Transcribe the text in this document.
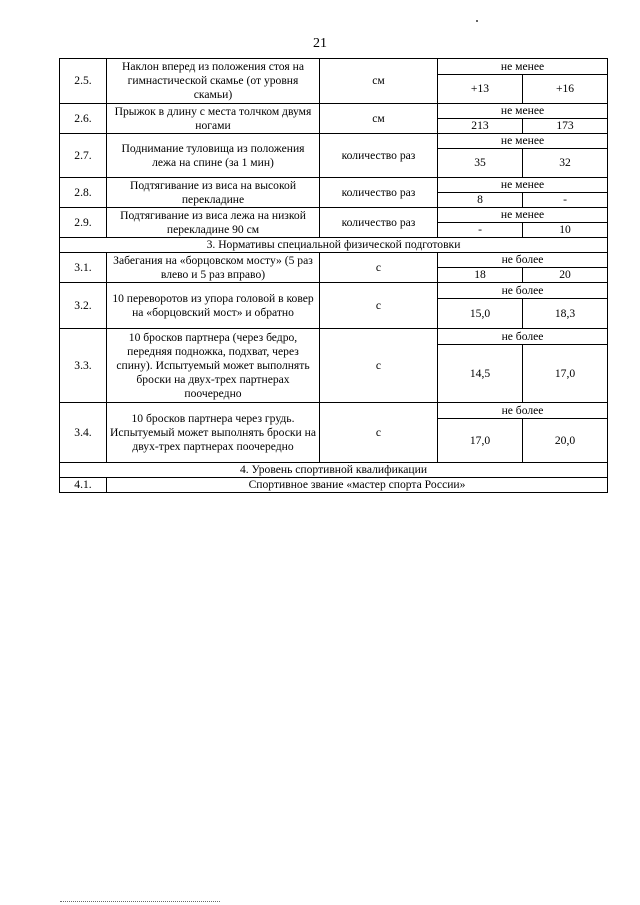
21
2.5.	Наклон вперед из положения стоя на гимнастической скамье (от уровня скамьи)	см	не менее	
			+13	+16
2.6.	Прыжок в длину с места толчком двумя ногами	см	не менее	
			213	173
2.7.	Поднимание туловища из положения лежа на спине (за 1 мин)	количество раз	не менее	
			35	32
2.8.	Подтягивание из виса на высокой перекладине	количество раз	не менее	
			8	-
2.9.	Подтягивание из виса лежа на низкой перекладине 90 см	количество раз	не менее	
			-	10
3. Нормативы специальной физической подготовки				
3.1.	Забегания на «борцовском мосту» (5 раз влево и 5 раз вправо)	с	не более	
			18	20
3.2.	10 переворотов из упора головой в ковер на «борцовский мост» и обратно	с	не более	
			15,0	18,3
3.3.	10 бросков партнера (через бедро, передняя подножка, подхват, через спину). Испытуемый может выполнять броски на двух-трех партнерах поочередно	с	не более	
			14,5	17,0
3.4.	10 бросков партнера через грудь. Испытуемый может выполнять броски на двух-трех партнерах поочередно	с	не более	
			17,0	20,0
4. Уровень спортивной квалификации				
4.1.	Спортивное звание «мастер спорта России»			
